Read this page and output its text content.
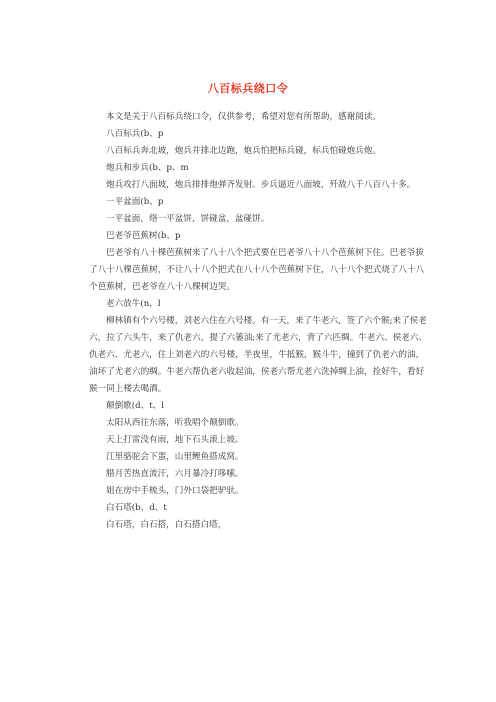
八百标兵绕口令

本文是关于八百标兵绕口令，仅供参考，希望对您有所帮助，感谢阅读。

八百标兵(b、p

八百标兵奔北坡，炮兵并排北边跑，炮兵怕把标兵碰，标兵怕碰炮兵炮。

炮兵和步兵(b、p、m

炮兵攻打八面坡，炮兵排排炮弹齐发射。步兵逼近八面坡，歼敌八千八百八十多。

一平盆面(b、p

一平盆面，烙一平盆饼，饼碰盆，盆碰饼。

巴老爷芭蕉树(b、p

巴老爷有八十棵芭蕉树来了八十八个把式要在巴老爷八十八个芭蕉树下住。巴老爷拔了八十八棵芭蕉树，不让八十八个把式在八十八个芭蕉树下住，八十八个把式烧了八十八个芭蕉树，巴老爷在八十八棵树边哭。

老六放牛(n，l

柳林镇有个六号楼，刘老六住在六号楼。有一天，来了牛老六，签了六个猴;来了侯老六，拉了六头牛，来了仇老六，提了六篓油;来了尤老六，背了六匹绸。牛老六、侯老六、仇老六、尤老六，住上刘老六的六号楼，半夜里，牛抵猴，猴斗牛，撞到了仇老六的油，油坏了尤老六的绸。牛老六帮仇老六收起油，侯老六帮尤老六洗掉绸上油，拴好牛，看好猴一同上楼去喝酒。

颠倒歌(d、t、l

太阳从西往东落，听我唱个颠倒歌。

天上打雷没有雨，地下石头滚上坡。

江里骆驼会下蛋，山里鲤鱼搭成窝。

腊月苦热直流汗，六月暴冷打哆嗦。

姐在房中手梳头，门外口袋把驴驮。

白石塔(b、d、t

白石塔，白石搭，白石搭白塔，
